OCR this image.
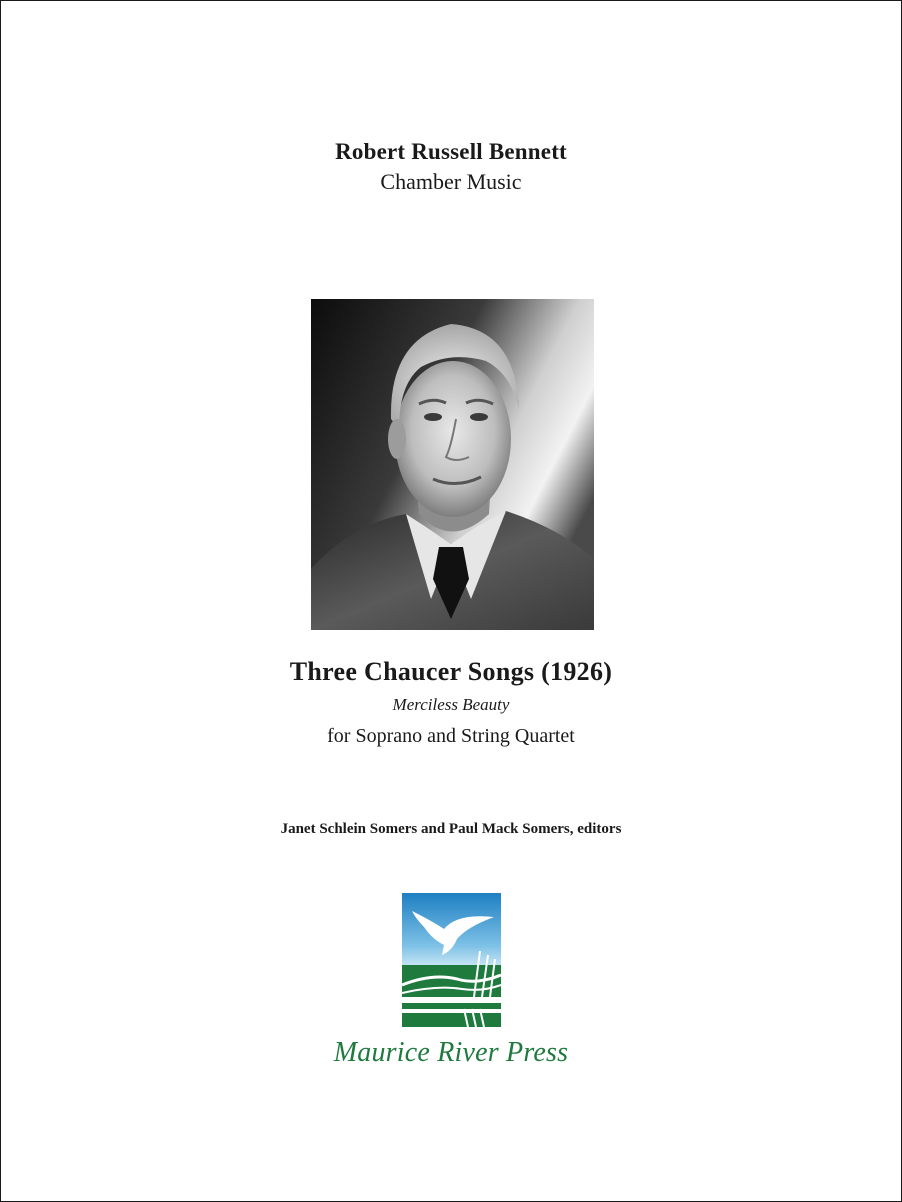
Robert Russell Bennett
Chamber Music
Three Chaucer Songs (1926)
Merciless Beauty
for Soprano and String Quartet
Janet Schlein Somers and Paul Mack Somers, editors
Maurice River Press
